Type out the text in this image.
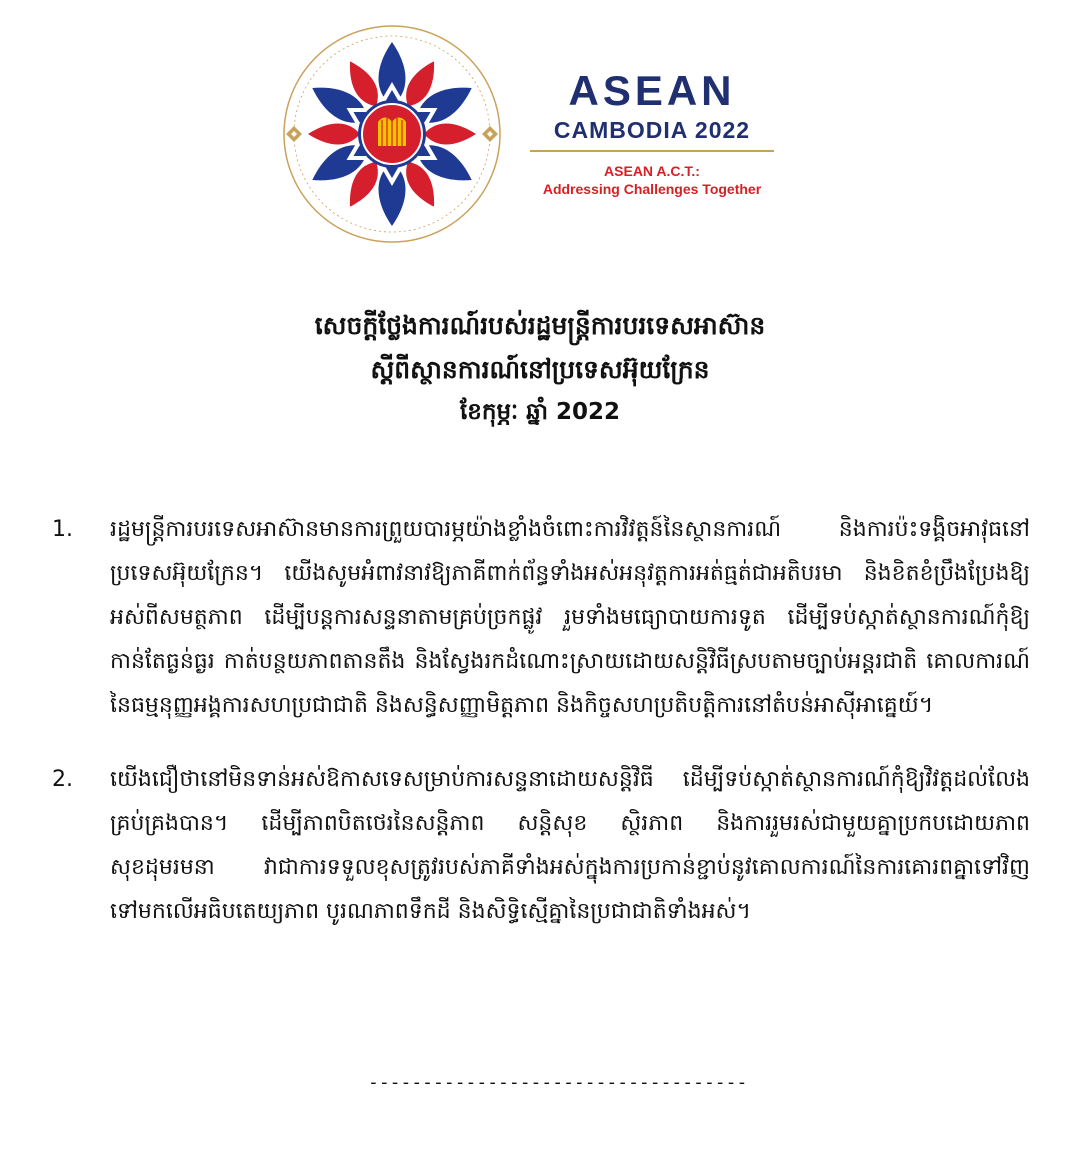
ASEAN
CAMBODIA 2022
ASEAN A.C.T.:
Addressing Challenges Together
សេចក្តីថ្លែងការណ៍របស់រដ្ឋមន្ត្រីការបរទេសអាស៊ាន
ស្តីពីស្ថានការណ៍នៅប្រទេសអ៊ុយក្រែន
ខែកុម្ភៈ ឆ្នាំ 2022
1.	រដ្ឋមន្ត្រីការបរទេសអាស៊ានមានការព្រួយបារម្ភយ៉ាងខ្លាំងចំពោះការវិវត្តន៍នៃស្ថានការណ៍ និងការប៉ះទង្គិចអាវុធនៅប្រទេសអ៊ុយក្រែន។ យើងសូមអំពាវនាវឱ្យភាគីពាក់ព័ន្ធទាំងអស់អនុវត្តការអត់ធ្មត់ជាអតិបរមា និងខិតខំប្រឹងប្រែងឱ្យអស់ពីសមត្ថភាព ដើម្បីបន្តការសន្ទនាតាមគ្រប់ច្រកផ្លូវ រួមទាំងមធ្យោបាយការទូត ដើម្បីទប់ស្កាត់ស្ថានការណ៍កុំឱ្យកាន់តែធ្ងន់ធ្ងរ កាត់បន្ថយភាពតានតឹង និងស្វែងរកដំណោះស្រាយដោយសន្តិវិធីស្របតាមច្បាប់អន្តរជាតិ គោលការណ៍នៃធម្មនុញ្ញអង្គការសហប្រជាជាតិ និងសន្ធិសញ្ញាមិត្តភាព និងកិច្ចសហប្រតិបត្តិការនៅតំបន់អាស៊ីអាគ្នេយ៍។
2.	យើងជឿថានៅមិនទាន់អស់ឱកាសទេសម្រាប់ការសន្ទនាដោយសន្តិវិធី ដើម្បីទប់ស្កាត់ស្ថានការណ៍កុំឱ្យវិវត្តដល់លែងគ្រប់គ្រងបាន។ ដើម្បីភាពបិតថេរនៃសន្តិភាព សន្តិសុខ ស្ថិរភាព និងការរួមរស់ជាមួយគ្នាប្រកបដោយភាពសុខដុមរមនា វាជាការទទួលខុសត្រូវរបស់ភាគីទាំងអស់ក្នុងការប្រកាន់ខ្ជាប់នូវគោលការណ៍នៃការគោរពគ្នាទៅវិញទៅមកលើអធិបតេយ្យភាព បូរណភាពទឹកដី និងសិទ្ធិស្មើគ្នានៃប្រជាជាតិទាំងអស់។
-----------------------------------
